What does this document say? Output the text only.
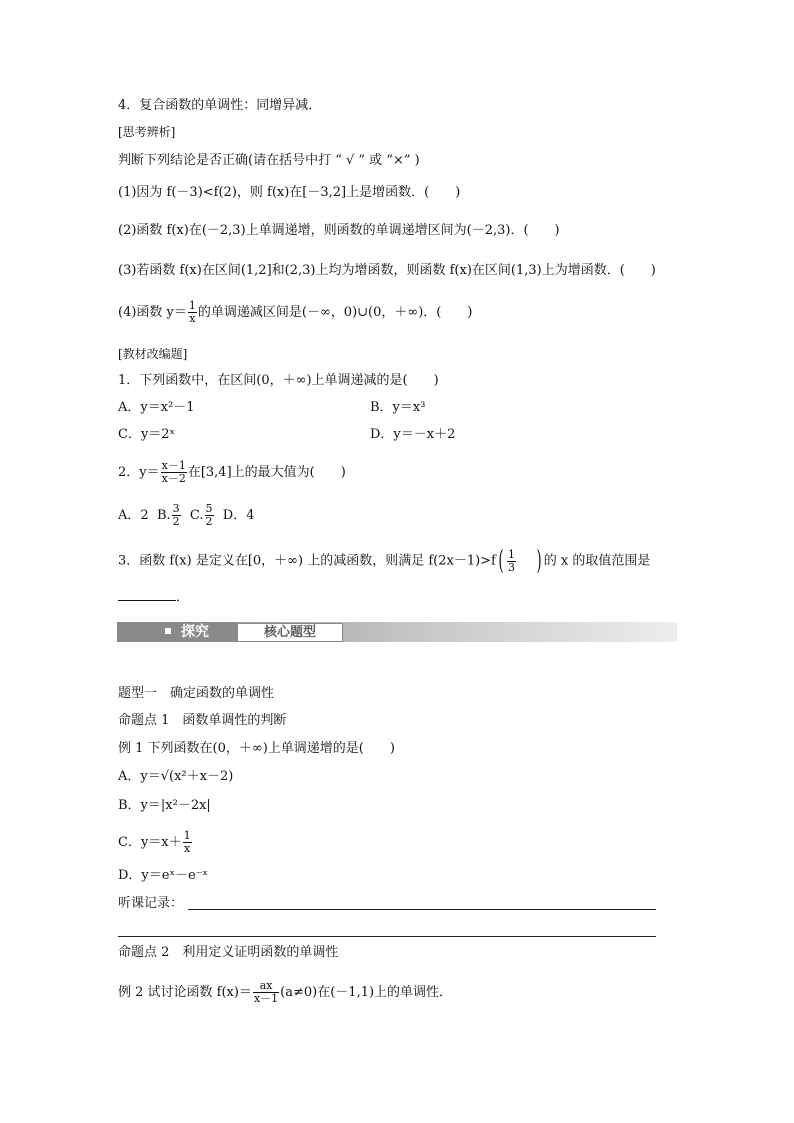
4．复合函数的单调性：同增异减．
[思考辨析]
判断下列结论是否正确(请在括号中打 “ √ ” 或 “×” )
(1)因为 f(－3)<f(2)，则 f(x)在[－3,2]上是增函数．(　　)
(2)函数 f(x)在(－2,3)上单调递增，则函数的单调递增区间为(－2,3)．(　　)
(3)若函数 f(x)在区间(1,2]和(2,3)上均为增函数，则函数 f(x)在区间(1,3)上为增函数．(　　)
(4)函数 $y= \frac{1}{x}$ 的单调递减区间是(－∞，0)∪(0，＋∞)．(　　)
[教材改编题]
1．下列函数中，在区间(0，＋∞)上单调递减的是(　　)
A．y＝x²－1	B．y＝x³
C．y＝2ˣ	D．y＝－x＋2
2．$y= \frac{x-1}{x-2}$ 在[3,4]上的最大值为(　　)
A．2 B. $\frac{3}{2} C$. $\frac{5}{2}$ D．4
3．函数 f(x) 是定义在[0，＋∞) 上的减函数，则满足 $f(2x-1)>f( \frac{1}{3}$ ) 的 x 的取值范围是
．
探究	核心题型
题型一　确定函数的单调性
命题点 1　函数单调性的判断
例 1 下列函数在(0，＋∞)上单调递增的是(　　)
A．y＝√(x²＋x－2)
B．y＝|x²－2x|
C．$y=x+ \frac{1}{x}$
D．y＝eˣ－e⁻ˣ
听课记录：
命题点 2　利用定义证明函数的单调性
例 2 试讨论函数 $f(x)= \frac{ax}{x-1} (a\ne 0)$在(－1,1)上的单调性．
